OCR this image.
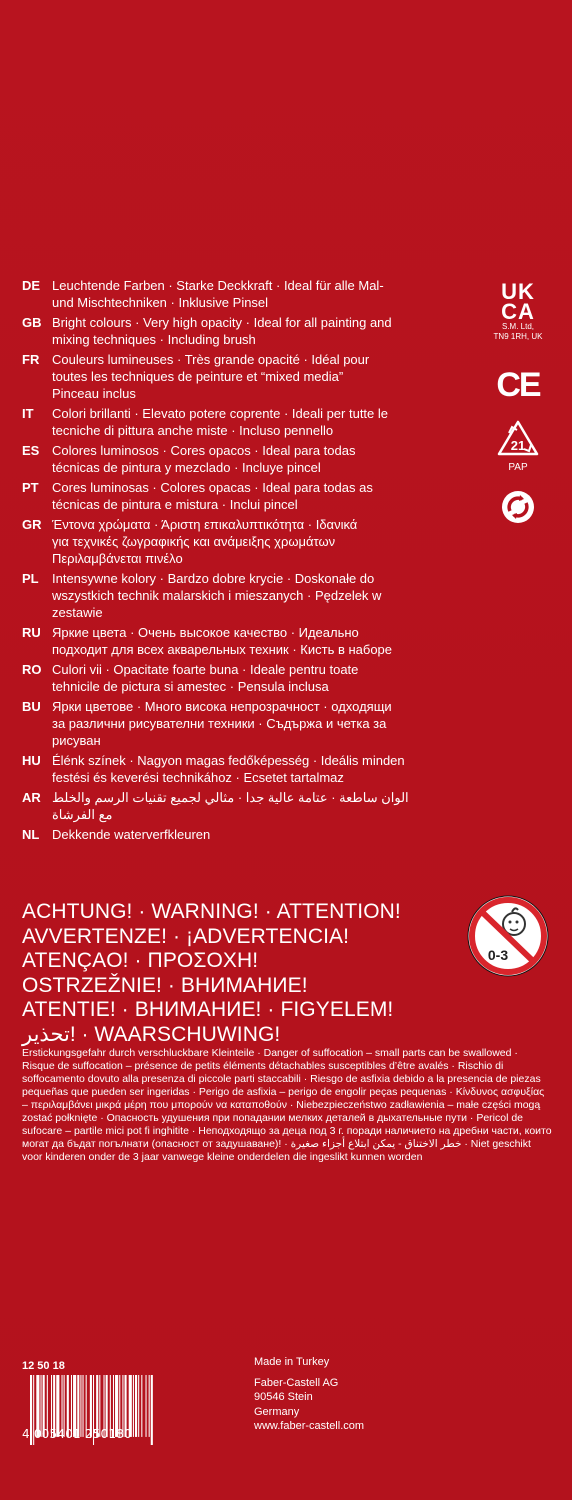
DE Leuchtende Farben · Starke Deckkraft · Ideal für alle Mal-
und Mischtechniken · Inklusive Pinsel
GB Bright colours · Very high opacity · Ideal for all painting and
mixing techniques · Including brush
FR Couleurs lumineuses · Très grande opacité · Idéal pour
toutes les techniques de peinture et “mixed media”
Pinceau inclus
IT	Colori brillanti · Elevato potere coprente · Ideali per tutte le
tecniche di pittura anche miste · Incluso pennello
ES Colores luminosos · Cores opacos · Ideal para todas
técnicas de pintura y mezclado · Incluye pincel
PT	Cores luminosas · Colores opacas · Ideal para todas as
técnicas de pintura e mistura · Inclui pincel
GR Έντονα χρώματα · Άριστη επικαλυπτικότητα · Ιδανικά
για τεχνικές ζωγραφικής και ανάμειξης χρωμάτων
Περιλαμβάνεται πινέλο
PL	Intensywne kolory · Bardzo dobre krycie · Doskonałe do
wszystkich technik malarskich i mieszanych · Pędzelek w
zestawie
RU Яркие цвета · Очень высокое качество · Идеально
подходит для всех акварельных техник · Кисть в наборе
RO Culori vii · Opacitate foarte buna · Ideale pentru toate
tehnicile de pictura si amestec · Pensula inclusa
BU Ярки цветове · Много висока непрозрачност · одходящи
за различни рисувателни техники · Съдържа и четка за
рисуван
HU Élénk színek · Nagyon magas fedőképesség · Ideális minden
festési és keverési technikához · Ecsetet tartalmaz
AR	الوان ساطعة · عتامة عالية جدا · مثالي لجميع تقنيات الرسم والخلط
مع الفرشاة
NL Dekkende waterverfkleuren
UK
CA
S.M. Ltd,
TN9 1RH, UK
CE
21
PAP
ACHTUNG! · WARNING! · ATTENTION!
AVVERTENZE! · ¡ADVERTENCIA!
ATENÇAO! · ΠΡΟΣΟΧΗ!
OSTRZEŽNIE! · ВНИМАНИЕ!
ATENTIE! · ВНИМАНИЕ! · FIGYELEM!
تحذير! · WAARSCHUWING!
0-3
Erstickungsgefahr durch verschluckbare Kleinteile · Danger of suffocation – small parts can be swallowed · Risque de suffocation – présence de petits éléments détachables susceptibles d’être avalés · Rischio di soffocamento dovuto alla presenza di piccole parti staccabili · Riesgo de asfixia debido a la presencia de piezas pequeñas que pueden ser ingeridas · Perigo de asfixia – perigo de engolir peças pequenas · Κίνδυνος ασφυξίας – περιλαμβάνει μικρά μέρη που μπορούν να καταποθούν · Niebezpieczeństwo zadławienia – małe części mogą zostać połknięte · Опасность удушения при попадании мелких деталей в дыхательные пути · Pericol de sufocare – partile mici pot fi inghitite · Неподходящо за деца под 3 г. поради наличието на дребни части, които могат да бъдат погълнати (опасност от задушаване)! · خطر الاختناق - يمكن ابتلاع أجزاء صغيرة · Niet geschikt voor kinderen onder de 3 jaar vanwege kleine onderdelen die ingeslikt kunnen worden
12 50 18	Made in Turkey
Faber-Castell AG
90546 Stein
Germany
www.faber-castell.com
4 005401 250180
